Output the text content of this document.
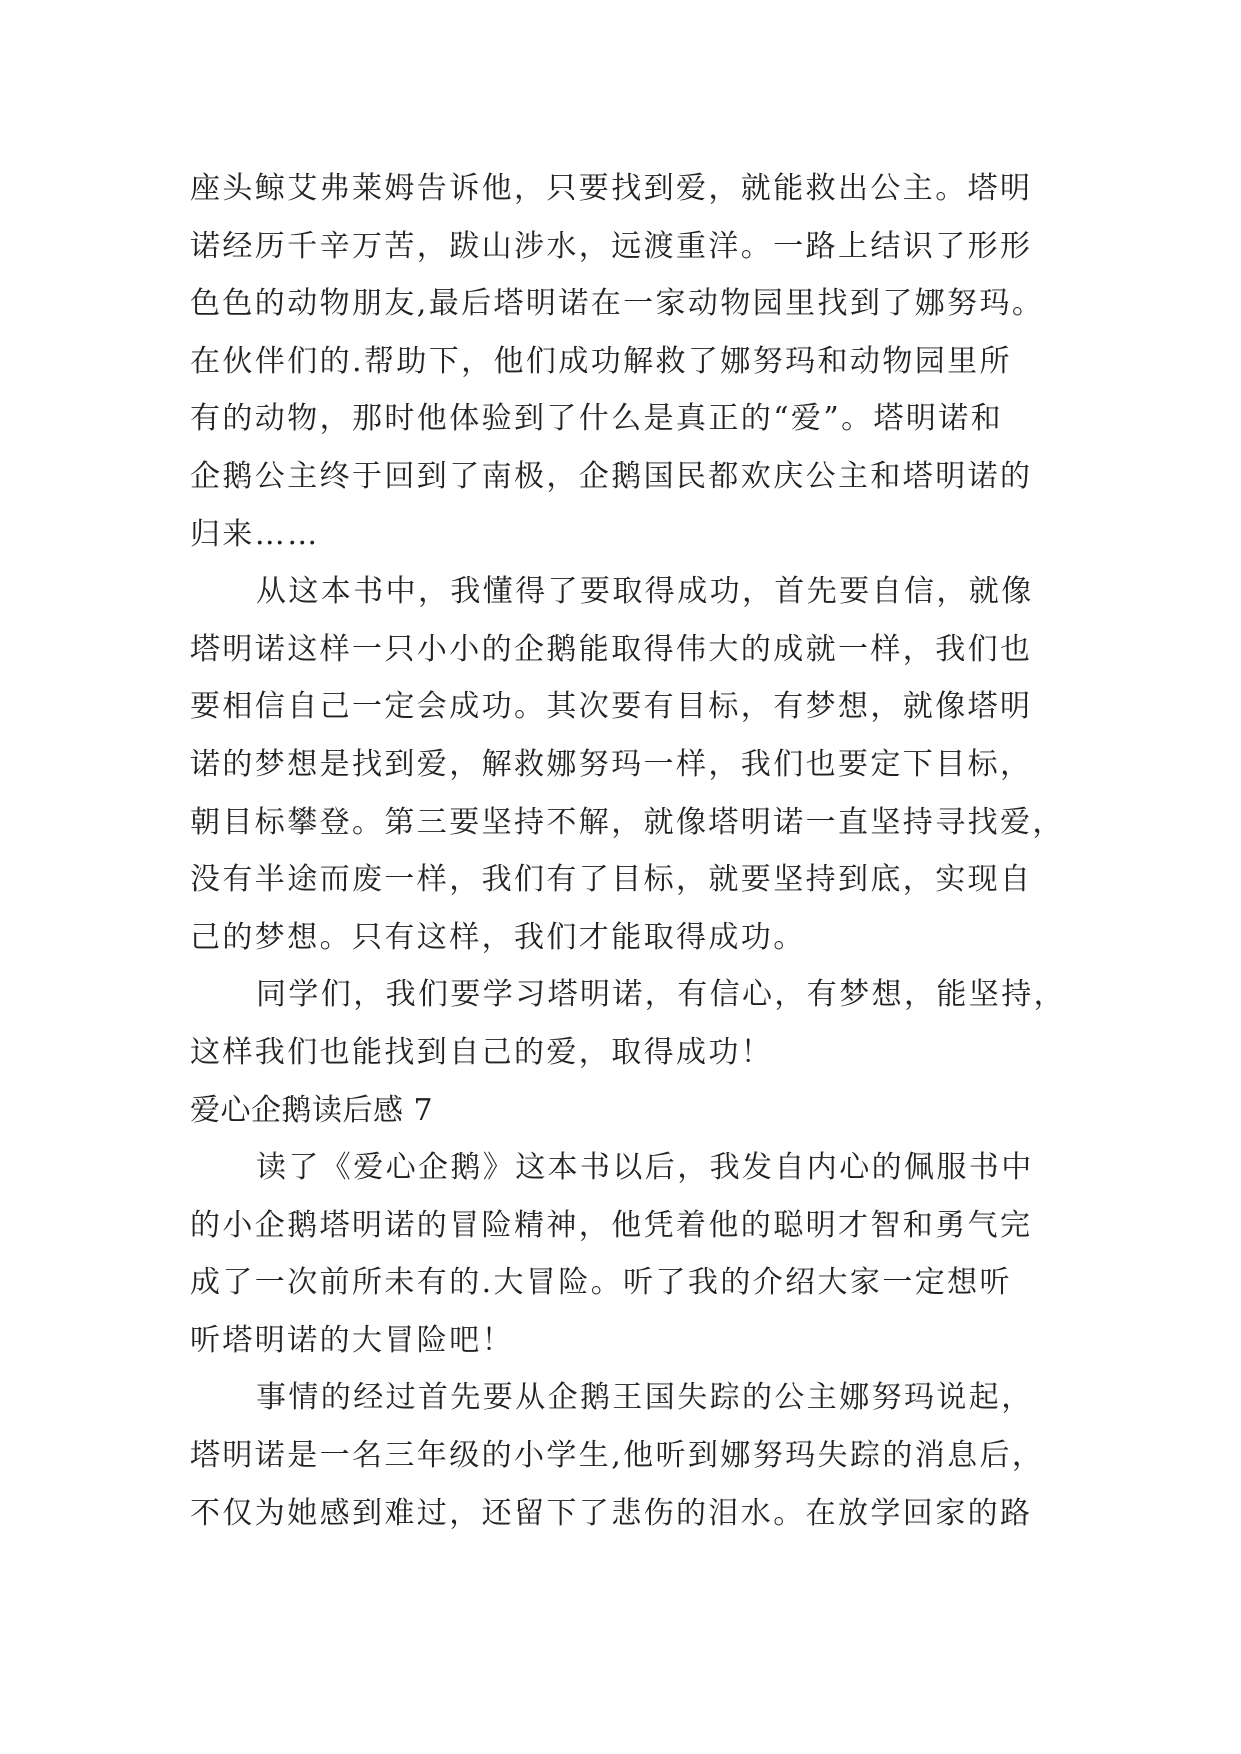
座头鲸艾弗莱姆告诉他，只要找到爱，就能救出公主。塔明
诺经历千辛万苦，跋山涉水，远渡重洋。一路上结识了形形
色色的动物朋友,最后塔明诺在一家动物园里找到了娜努玛。
在伙伴们的.帮助下，他们成功解救了娜努玛和动物园里所
有的动物，那时他体验到了什么是真正的“爱”。塔明诺和
企鹅公主终于回到了南极，企鹅国民都欢庆公主和塔明诺的
归来……
从这本书中，我懂得了要取得成功，首先要自信，就像
塔明诺这样一只小小的企鹅能取得伟大的成就一样，我们也
要相信自己一定会成功。其次要有目标，有梦想，就像塔明
诺的梦想是找到爱，解救娜努玛一样，我们也要定下目标，
朝目标攀登。第三要坚持不解，就像塔明诺一直坚持寻找爱，
没有半途而废一样，我们有了目标，就要坚持到底，实现自
己的梦想。只有这样，我们才能取得成功。
同学们，我们要学习塔明诺，有信心，有梦想，能坚持，
这样我们也能找到自己的爱，取得成功！
爱心企鹅读后感 7
读了《爱心企鹅》这本书以后，我发自内心的佩服书中
的小企鹅塔明诺的冒险精神，他凭着他的聪明才智和勇气完
成了一次前所未有的.大冒险。听了我的介绍大家一定想听
听塔明诺的大冒险吧！
事情的经过首先要从企鹅王国失踪的公主娜努玛说起，
塔明诺是一名三年级的小学生,他听到娜努玛失踪的消息后，
不仅为她感到难过，还留下了悲伤的泪水。在放学回家的路
